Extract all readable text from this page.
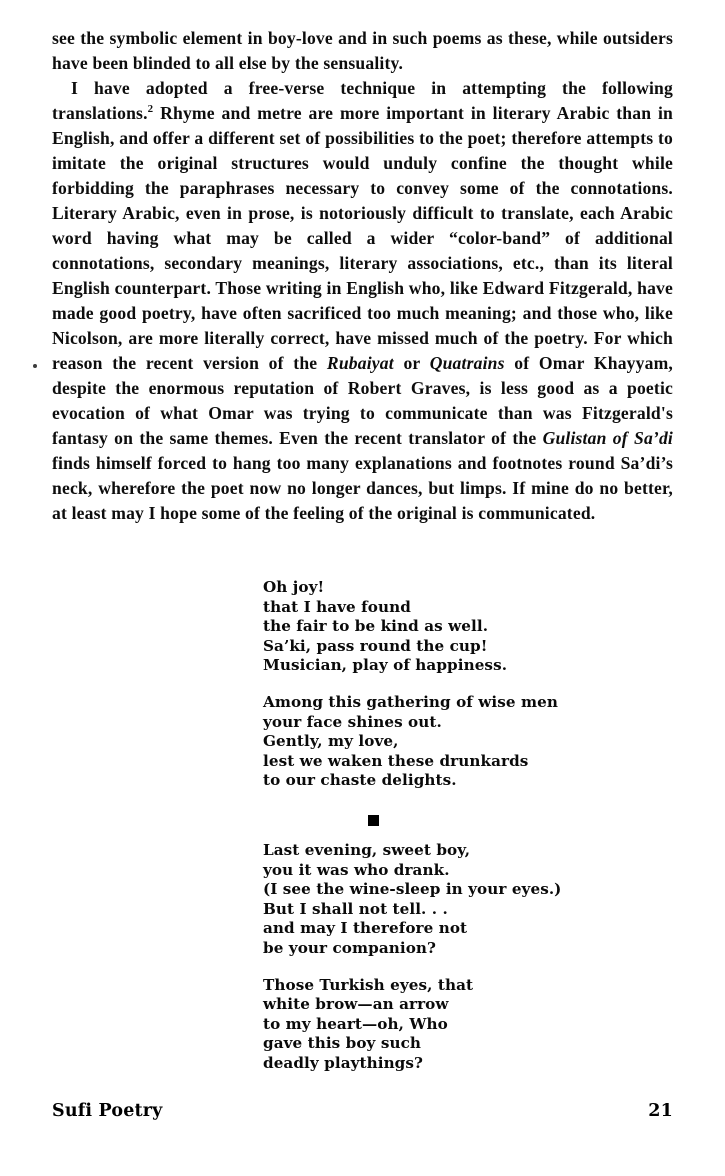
see the symbolic element in boy-love and in such poems as these, while outsiders have been blinded to all else by the sensuality.

I have adopted a free-verse technique in attempting the following translations.$^2$ Rhyme and metre are more important in literary Arabic than in English, and offer a different set of possibilities to the poet; therefore attempts to imitate the original structures would unduly confine the thought while forbidding the paraphrases necessary to convey some of the connotations. Literary Arabic, even in prose, is notoriously difficult to translate, each Arabic word having what may be called a wider “color-band” of additional connotations, secondary meanings, literary associations, etc., than its literal English counterpart. Those writing in English who, like Edward Fitzgerald, have made good poetry, have often sacrificed too much meaning; and those who, like Nicolson, are more literally correct, have missed much of the poetry. For which reason the recent version of the Rubaiyat or Quatrains of Omar Khayyam, despite the enormous reputation of Robert Graves, is less good as a poetic evocation of what Omar was trying to communicate than was Fitzgerald's fantasy on the same themes. Even the recent translator of the Gulistan of Sa’di finds himself forced to hang too many explanations and footnotes round Sa’di’s neck, wherefore the poet now no longer dances, but limps. If mine do no better, at least may I hope some of the feeling of the original is communicated.

Oh joy!
that I have found
the fair to be kind as well.
Sa’ki, pass round the cup!
Musician, play of happiness.
Among this gathering of wise men
your face shines out.
Gently, my love,
lest we waken these drunkards
to our chaste delights.
Last evening, sweet boy,
you it was who drank.
(I see the wine-sleep in your eyes.)
But I shall not tell. . .
and may I therefore not
be your companion?
Those Turkish eyes, that
white brow—an arrow
to my heart—oh, Who
gave this boy such
deadly playthings?
Sufi Poetry	21
